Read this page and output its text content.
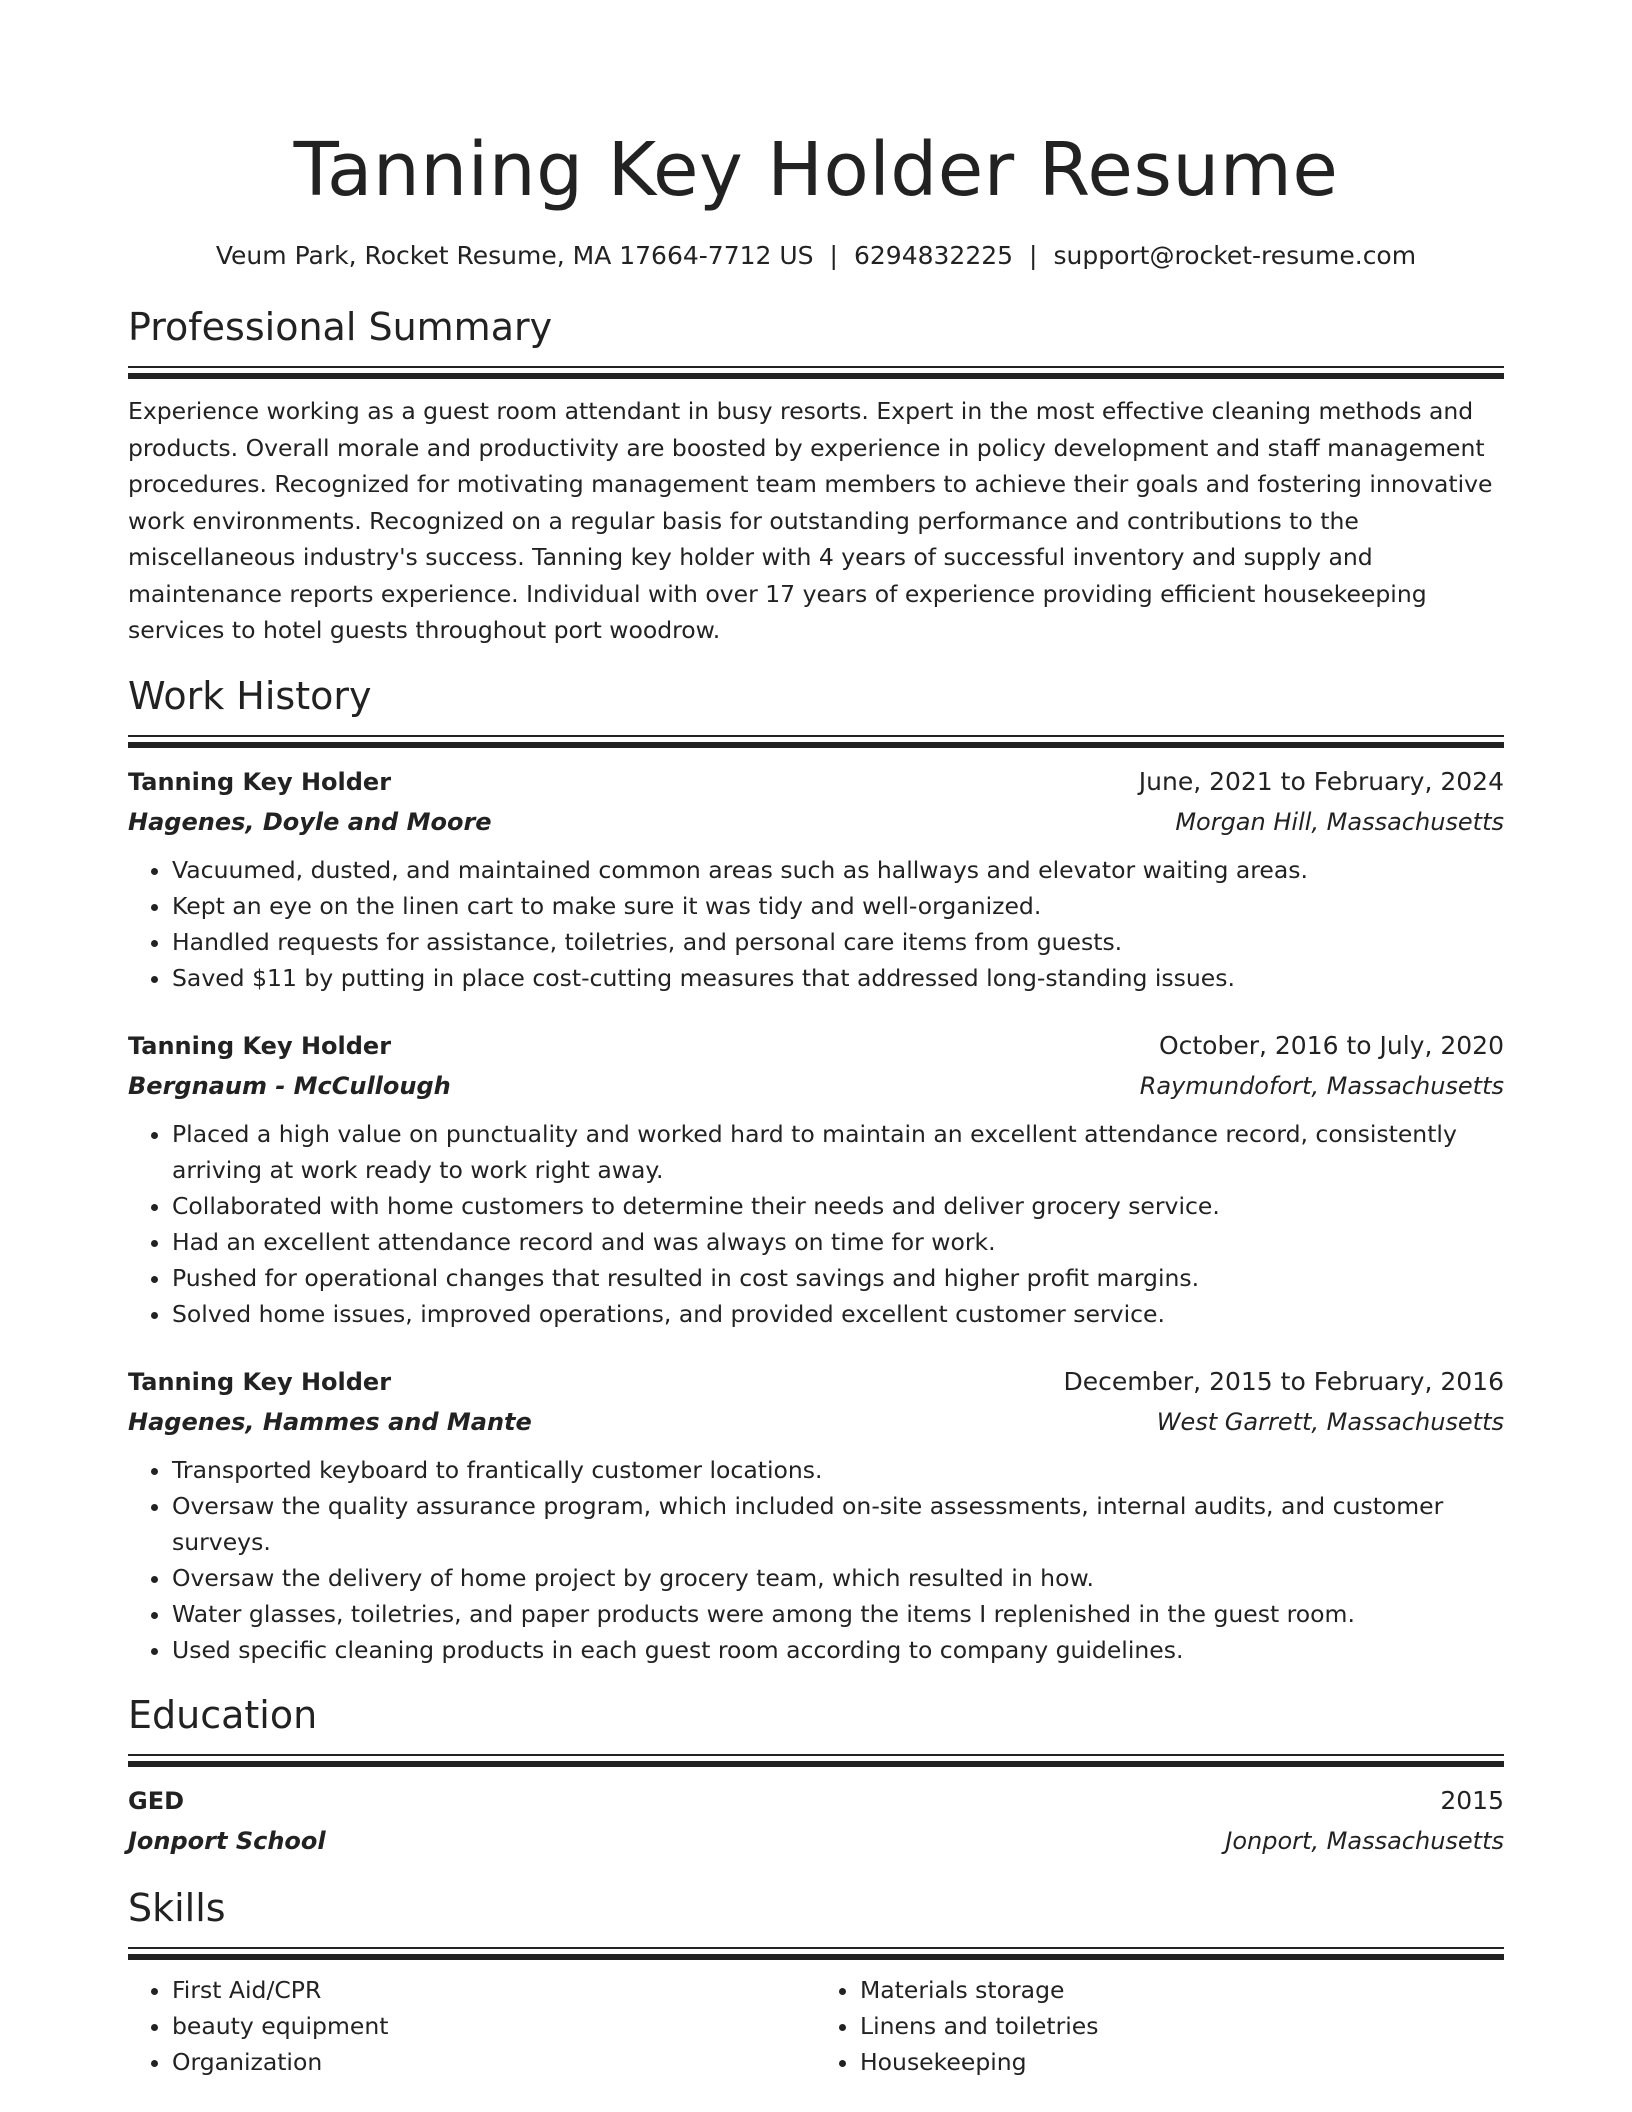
Tanning Key Holder Resume
Veum Park, Rocket Resume, MA 17664-7712 US | 6294832225 | support@rocket-resume.com
Professional Summary
Experience working as a guest room attendant in busy resorts. Expert in the most effective cleaning methods and products. Overall morale and productivity are boosted by experience in policy development and staff management procedures. Recognized for motivating management team members to achieve their goals and fostering innovative work environments. Recognized on a regular basis for outstanding performance and contributions to the miscellaneous industry's success. Tanning key holder with 4 years of successful inventory and supply and maintenance reports experience. Individual with over 17 years of experience providing efficient housekeeping services to hotel guests throughout port woodrow.
Work History
Tanning Key Holder	June, 2021 to February, 2024
Hagenes, Doyle and Moore	Morgan Hill, Massachusetts
• Vacuumed, dusted, and maintained common areas such as hallways and elevator waiting areas.
• Kept an eye on the linen cart to make sure it was tidy and well-organized.
• Handled requests for assistance, toiletries, and personal care items from guests.
• Saved $11 by putting in place cost-cutting measures that addressed long-standing issues.
Tanning Key Holder	October, 2016 to July, 2020
Bergnaum - McCullough	Raymundofort, Massachusetts
• Placed a high value on punctuality and worked hard to maintain an excellent attendance record, consistently arriving at work ready to work right away.
• Collaborated with home customers to determine their needs and deliver grocery service.
• Had an excellent attendance record and was always on time for work.
• Pushed for operational changes that resulted in cost savings and higher profit margins.
• Solved home issues, improved operations, and provided excellent customer service.
Tanning Key Holder	December, 2015 to February, 2016
Hagenes, Hammes and Mante	West Garrett, Massachusetts
• Transported keyboard to frantically customer locations.
• Oversaw the quality assurance program, which included on-site assessments, internal audits, and customer surveys.
• Oversaw the delivery of home project by grocery team, which resulted in how.
• Water glasses, toiletries, and paper products were among the items I replenished in the guest room.
• Used specific cleaning products in each guest room according to company guidelines.
Education
GED	2015
Jonport School	Jonport, Massachusetts
Skills
• First Aid/CPR
• beauty equipment
• Organization
• Materials storage
• Linens and toiletries
• Housekeeping
